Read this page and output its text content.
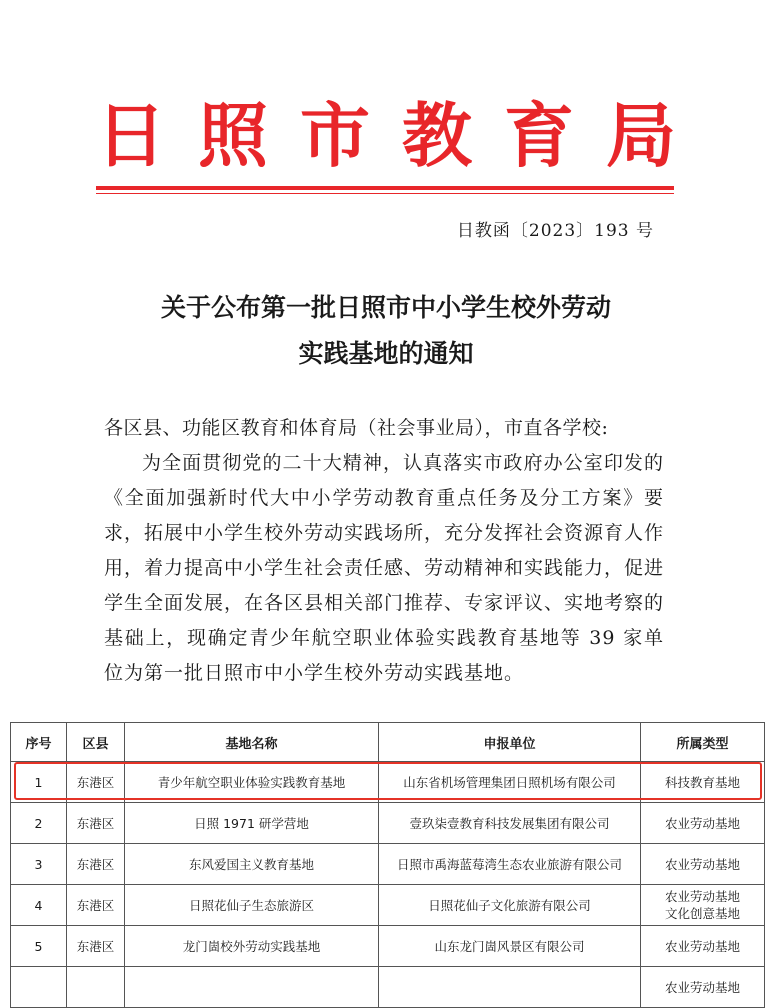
日 照 市 教 育 局
日教函〔2023〕193 号
关于公布第一批日照市中小学生校外劳动
实践基地的通知
各区县、功能区教育和体育局（社会事业局），市直各学校:
为全面贯彻党的二十大精神，认真落实市政府办公室印发的《全面加强新时代大中小学劳动教育重点任务及分工方案》要求，拓展中小学生校外劳动实践场所，充分发挥社会资源育人作用，着力提高中小学生社会责任感、劳动精神和实践能力，促进学生全面发展，在各区县相关部门推荐、专家评议、实地考察的基础上，现确定青少年航空职业体验实践教育基地等 39 家单位为第一批日照市中小学生校外劳动实践基地。
序号	区县	基地名称	申报单位	所属类型
1	东港区	青少年航空职业体验实践教育基地	山东省机场管理集团日照机场有限公司	科技教育基地
2	东港区	日照 1971 研学营地	壹玖柒壹教育科技发展集团有限公司	农业劳动基地
3	东港区	东风爱国主义教育基地	日照市禹海蓝莓湾生态农业旅游有限公司	农业劳动基地
4	东港区	日照花仙子生态旅游区	日照花仙子文化旅游有限公司	农业劳动基地
文化创意基地
5	东港区	龙门崮校外劳动实践基地	山东龙门崮风景区有限公司	农业劳动基地
				农业劳动基地
